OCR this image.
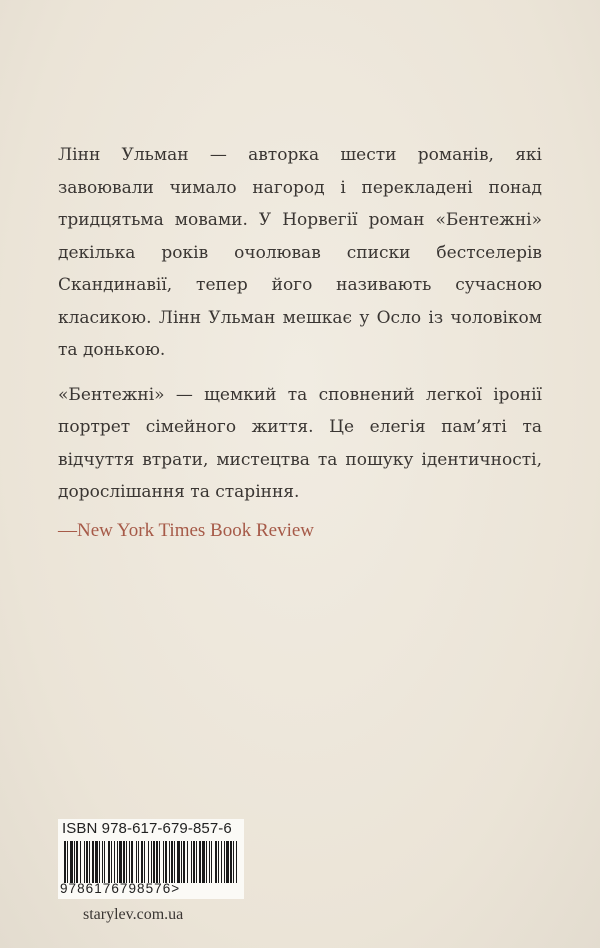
Лінн Ульман — авторка шести романів, які завоювали чимало нагород і перекладені понад тридцятьма мовами. У Норвегії роман «Бентежні» декілька років очолював списки бестселерів Скандинавії, тепер його називають сучасною класикою. Лінн Ульман мешкає у Осло із чоловіком та донькою.

«Бентежні» — щемкий та сповнений легкої іронії портрет сімейного життя. Це елегія пам’яті та відчуття втрати, мистецтва та пошуку ідентичності, дорослішання та старіння.

—New York Times Book Review
ISBN 978-617-679-857-6
9786176798576>
starylev.com.ua
